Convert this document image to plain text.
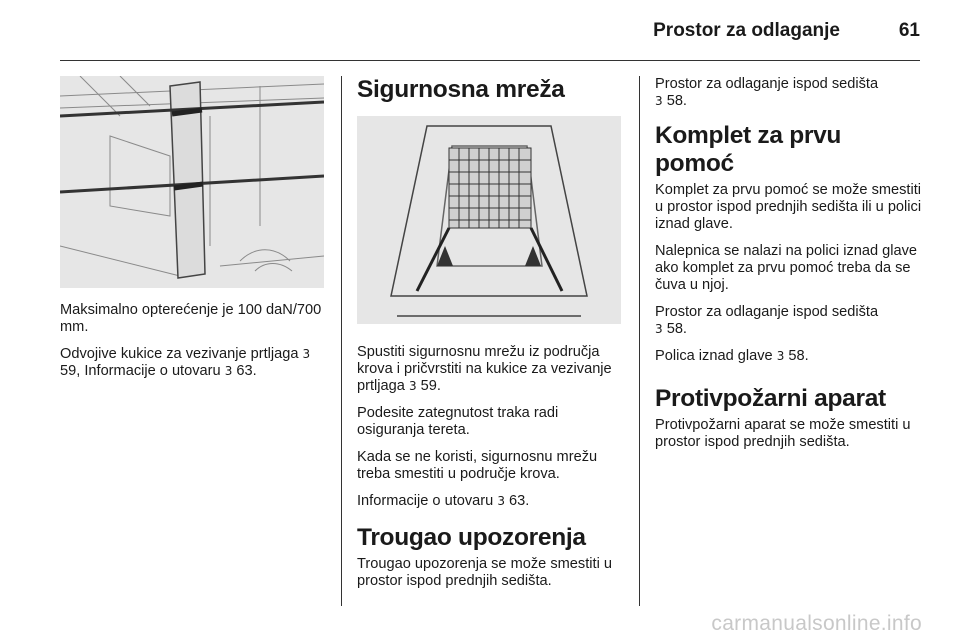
Prostor za odlaganje	61

Maksimalno opterećenje je 100 daN/700 mm.

Odvojive kukice za vezivanje prtljaga 3 59, Informacije o utovaru 3 63.

Sigurnosna mreža

Spustiti sigurnosnu mrežu iz područja krova i pričvrstiti na kukice za vezivanje prtljaga 3 59.

Podesite zategnutost traka radi osiguranja tereta.

Kada se ne koristi, sigurnosnu mrežu treba smestiti u područje krova.

Informacije o utovaru 3 63.

Trougao upozorenja

Trougao upozorenja se može smestiti u prostor ispod prednjih sedišta.

Prostor za odlaganje ispod sedišta
3 58.

Komplet za prvu pomoć

Komplet za prvu pomoć se može smestiti u prostor ispod prednjih sedišta ili u polici iznad glave.

Nalepnica se nalazi na polici iznad glave ako komplet za prvu pomoć treba da se čuva u njoj.

Prostor za odlaganje ispod sedišta
3 58.

Polica iznad glave 3 58.

Protivpožarni aparat

Protivpožarni aparat se može smestiti u prostor ispod prednjih sedišta.

carmanualsonline.info
